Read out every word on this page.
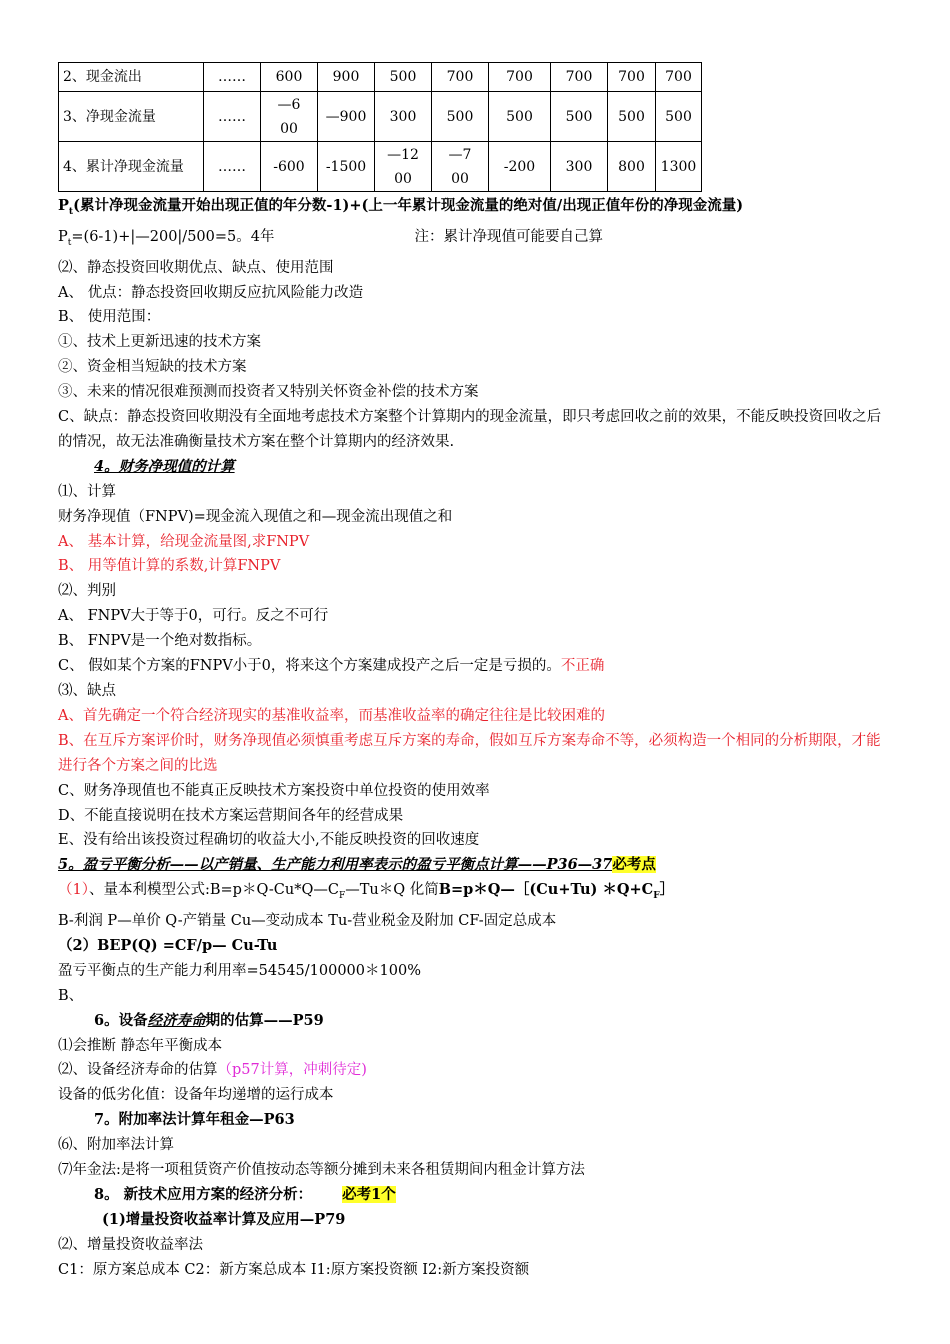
2、现金流出	……	600	900	500	700	700	700	700	700
3、净现金流量	……	—600	—900	300	500	500	500	500	500
4、累计净现金流量	……	-600	-1500	—1200	—700	-200	300	800	1300
$P_t$(累计净现金流量开始出现正值的年分数-1)+(上一年累计现金流量的绝对值/出现正值年份的净现金流量)
$P_t=(6-1)+|—200|/500=5$。4年	注：累计净现值可能要自己算
⑵、静态投资回收期优点、缺点、使用范围
A、 优点：静态投资回收期反应抗风险能力改造
B、 使用范围：
①、技术上更新迅速的技术方案
②、资金相当短缺的技术方案
③、未来的情况很难预测而投资者又特别关怀资金补偿的技术方案
C、缺点：静态投资回收期没有全面地考虑技术方案整个计算期内的现金流量，即只考虑回收之前的效果，不能反映投资回收之后的情况，故无法准确衡量技术方案在整个计算期内的经济效果.
4。财务净现值的计算
⑴、计算
财务净现值（FNPV)=现金流入现值之和—现金流出现值之和
A、 基本计算，给现金流量图,求FNPV
B、 用等值计算的系数,计算FNPV
⑵、判别
A、 FNPV大于等于0，可行。反之不可行
B、 FNPV是一个绝对数指标。
C、 假如某个方案的FNPV小于0，将来这个方案建成投产之后一定是亏损的。不正确
⑶、缺点
A、首先确定一个符合经济现实的基准收益率，而基准收益率的确定往往是比较困难的
B、在互斥方案评价时，财务净现值必须慎重考虑互斥方案的寿命，假如互斥方案寿命不等，必须构造一个相同的分析期限，才能进行各个方案之间的比选
C、财务净现值也不能真正反映技术方案投资中单位投资的使用效率
D、不能直接说明在技术方案运营期间各年的经营成果
E、没有给出该投资过程确切的收益大小,不能反映投资的回收速度
5。盈亏平衡分析——以产销量、生产能力利用率表示的盈亏平衡点计算——P36—37必考点
（1）、量本利模型公式$:B=p*Q-Cu*Q—C_F—Tu*Q$ 化简B=p＊Q—［(Cu+Tu) $*Q+C_F]$
B-利润 P—单价 Q-产销量 Cu—变动成本 Tu-营业税金及附加 CF-固定总成本
（2）BEP(Q) =CF/p— Cu-Tu
盈亏平衡点的生产能力利用率=54545/100000＊100%
B、
6。设备经济寿命期的估算——P59
⑴会推断 静态年平衡成本
⑵、设备经济寿命的估算（p57计算，冲刺待定)
设备的低劣化值：设备年均递增的运行成本
7。附加率法计算年租金—P63
⑹、附加率法计算
⑺年金法:是将一项租赁资产价值按动态等额分摊到未来各租赁期间内租金计算方法
8。 新技术应用方案的经济分析： 必考1个
(1)增量投资收益率计算及应用—P79
⑵、增量投资收益率法
C1：原方案总成本 C2：新方案总成本 I1:原方案投资额 I2:新方案投资额
